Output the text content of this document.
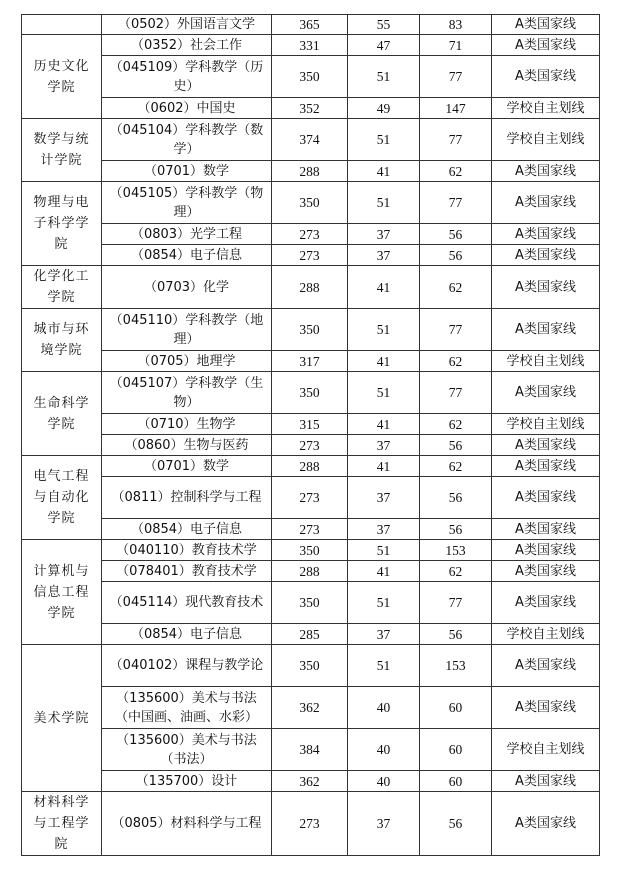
	（0502）外国语言文学	365	55	83	A类国家线
历史文化学院	（0352）社会工作	331	47	71	A类国家线
	（045109）学科教学（历史）	350	51	77	A类国家线
	（0602）中国史	352	49	147	学校自主划线
数学与统计学院	（045104）学科教学（数学）	374	51	77	学校自主划线
	（0701）数学	288	41	62	A类国家线
物理与电子科学学院	（045105）学科教学（物理）	350	51	77	A类国家线
	（0803）光学工程	273	37	56	A类国家线
	（0854）电子信息	273	37	56	A类国家线
化学化工学院	（0703）化学	288	41	62	A类国家线
城市与环境学院	（045110）学科教学（地理）	350	51	77	A类国家线
	（0705）地理学	317	41	62	学校自主划线
生命科学学院	（045107）学科教学（生物）	350	51	77	A类国家线
	（0710）生物学	315	41	62	学校自主划线
	（0860）生物与医药	273	37	56	A类国家线
电气工程与自动化学院	（0701）数学	288	41	62	A类国家线
	（0811）控制科学与工程	273	37	56	A类国家线
	（0854）电子信息	273	37	56	A类国家线
计算机与信息工程学院	（040110）教育技术学	350	51	153	A类国家线
	（078401）教育技术学	288	41	62	A类国家线
	（045114）现代教育技术	350	51	77	A类国家线
	（0854）电子信息	285	37	56	学校自主划线
美术学院	（040102）课程与教学论	350	51	153	A类国家线
	（135600）美术与书法（中国画、油画、水彩）	362	40	60	A类国家线
	（135600）美术与书法（书法）	384	40	60	学校自主划线
	（135700）设计	362	40	60	A类国家线
材料科学与工程学院	（0805）材料科学与工程	273	37	56	A类国家线
